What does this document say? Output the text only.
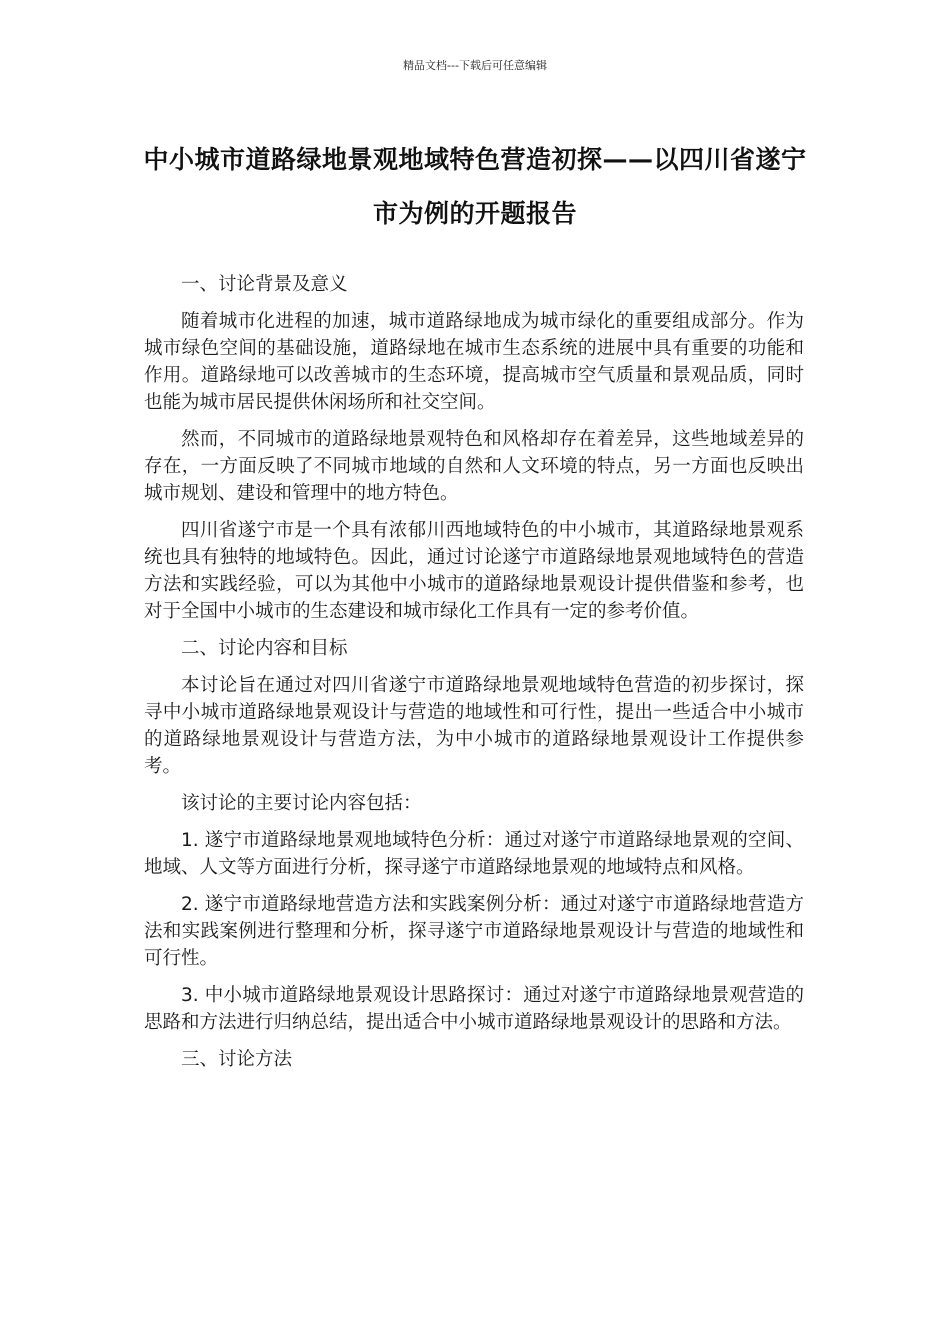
精品文档---下载后可任意编辑
中小城市道路绿地景观地域特色营造初探——以四川省遂宁市为例的开题报告

一、讨论背景及意义

随着城市化进程的加速，城市道路绿地成为城市绿化的重要组成部分。作为城市绿色空间的基础设施，道路绿地在城市生态系统的进展中具有重要的功能和作用。道路绿地可以改善城市的生态环境，提高城市空气质量和景观品质，同时也能为城市居民提供休闲场所和社交空间。

然而，不同城市的道路绿地景观特色和风格却存在着差异，这些地域差异的存在，一方面反映了不同城市地域的自然和人文环境的特点，另一方面也反映出城市规划、建设和管理中的地方特色。

四川省遂宁市是一个具有浓郁川西地域特色的中小城市，其道路绿地景观系统也具有独特的地域特色。因此，通过讨论遂宁市道路绿地景观地域特色的营造方法和实践经验，可以为其他中小城市的道路绿地景观设计提供借鉴和参考，也对于全国中小城市的生态建设和城市绿化工作具有一定的参考价值。

二、讨论内容和目标

本讨论旨在通过对四川省遂宁市道路绿地景观地域特色营造的初步探讨，探寻中小城市道路绿地景观设计与营造的地域性和可行性，提出一些适合中小城市的道路绿地景观设计与营造方法，为中小城市的道路绿地景观设计工作提供参考。

该讨论的主要讨论内容包括：

1. 遂宁市道路绿地景观地域特色分析：通过对遂宁市道路绿地景观的空间、地域、人文等方面进行分析，探寻遂宁市道路绿地景观的地域特点和风格。

2. 遂宁市道路绿地营造方法和实践案例分析：通过对遂宁市道路绿地营造方法和实践案例进行整理和分析，探寻遂宁市道路绿地景观设计与营造的地域性和可行性。

3. 中小城市道路绿地景观设计思路探讨：通过对遂宁市道路绿地景观营造的思路和方法进行归纳总结，提出适合中小城市道路绿地景观设计的思路和方法。

三、讨论方法
